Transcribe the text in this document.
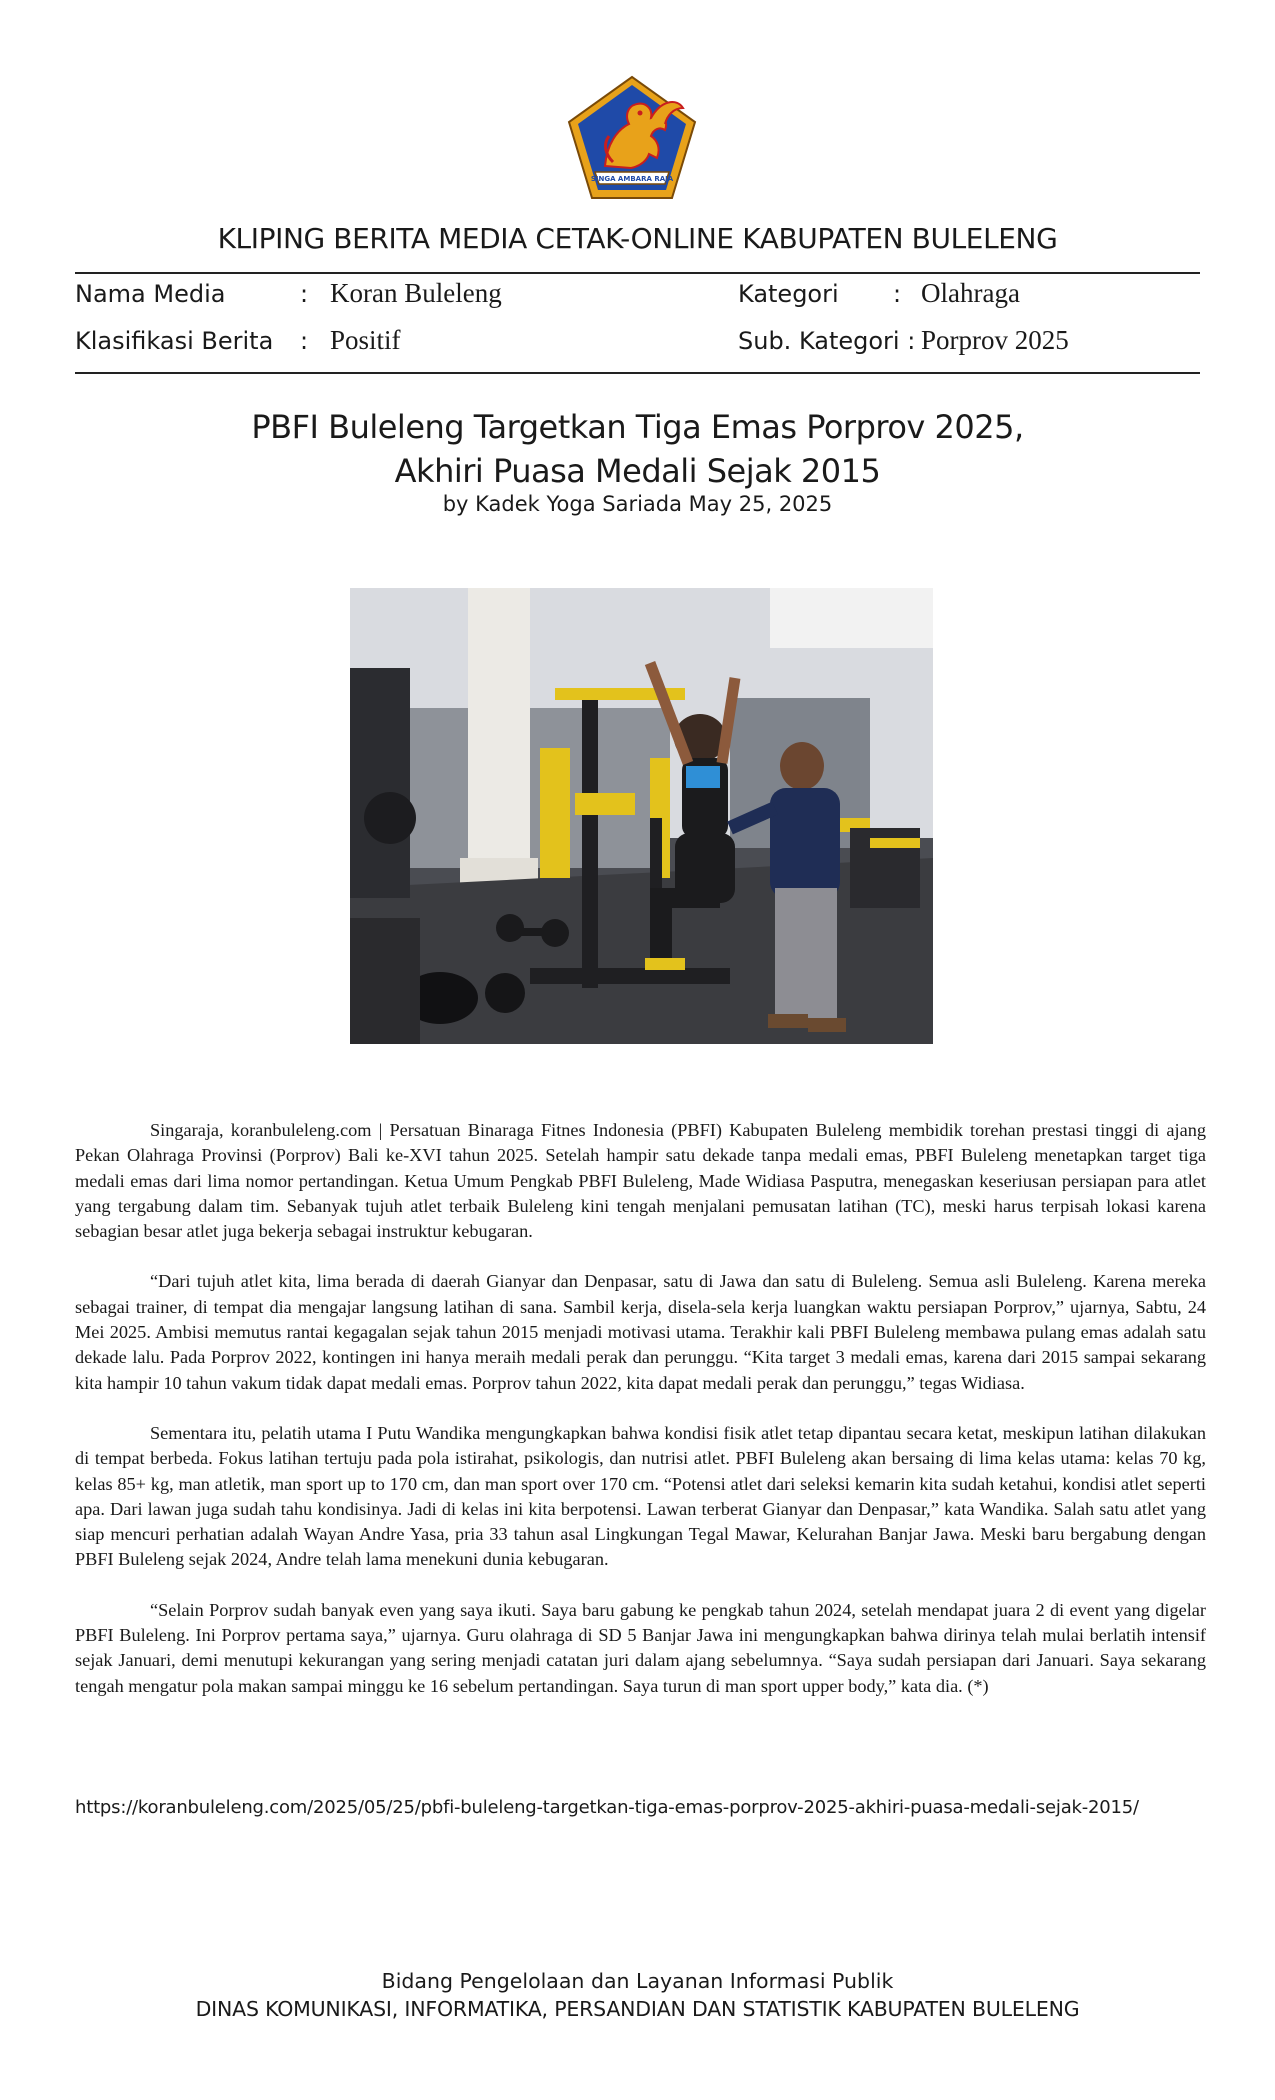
SINGA AMBARA RAJA
KLIPING BERITA MEDIA CETAK-ONLINE KABUPATEN BULELENG
Nama Media	: Koran Buleleng	Kategori : Olahraga
Klasifikasi Berita : Positif	Sub. Kategori : Porprov 2025
PBFI Buleleng Targetkan Tiga Emas Porprov 2025,
Akhiri Puasa Medali Sejak 2015
by Kadek Yoga Sariada May 25, 2025

Singaraja, koranbuleleng.com | Persatuan Binaraga Fitnes Indonesia (PBFI) Kabupaten Buleleng membidik torehan prestasi tinggi di ajang Pekan Olahraga Provinsi (Porprov) Bali ke-XVI tahun 2025. Setelah hampir satu dekade tanpa medali emas, PBFI Buleleng menetapkan target tiga medali emas dari lima nomor pertandingan. Ketua Umum Pengkab PBFI Buleleng, Made Widiasa Pasputra, menegaskan keseriusan persiapan para atlet yang tergabung dalam tim. Sebanyak tujuh atlet terbaik Buleleng kini tengah menjalani pemusatan latihan (TC), meski harus terpisah lokasi karena sebagian besar atlet juga bekerja sebagai instruktur kebugaran.

“Dari tujuh atlet kita, lima berada di daerah Gianyar dan Denpasar, satu di Jawa dan satu di Buleleng. Semua asli Buleleng. Karena mereka sebagai trainer, di tempat dia mengajar langsung latihan di sana. Sambil kerja, disela-sela kerja luangkan waktu persiapan Porprov,” ujarnya, Sabtu, 24 Mei 2025. Ambisi memutus rantai kegagalan sejak tahun 2015 menjadi motivasi utama. Terakhir kali PBFI Buleleng membawa pulang emas adalah satu dekade lalu. Pada Porprov 2022, kontingen ini hanya meraih medali perak dan perunggu. “Kita target 3 medali emas, karena dari 2015 sampai sekarang kita hampir 10 tahun vakum tidak dapat medali emas. Porprov tahun 2022, kita dapat medali perak dan perunggu,” tegas Widiasa.

Sementara itu, pelatih utama I Putu Wandika mengungkapkan bahwa kondisi fisik atlet tetap dipantau secara ketat, meskipun latihan dilakukan di tempat berbeda. Fokus latihan tertuju pada pola istirahat, psikologis, dan nutrisi atlet. PBFI Buleleng akan bersaing di lima kelas utama: kelas 70 kg, kelas 85+ kg, man atletik, man sport up to 170 cm, dan man sport over 170 cm. “Potensi atlet dari seleksi kemarin kita sudah ketahui, kondisi atlet seperti apa. Dari lawan juga sudah tahu kondisinya. Jadi di kelas ini kita berpotensi. Lawan terberat Gianyar dan Denpasar,” kata Wandika. Salah satu atlet yang siap mencuri perhatian adalah Wayan Andre Yasa, pria 33 tahun asal Lingkungan Tegal Mawar, Kelurahan Banjar Jawa. Meski baru bergabung dengan PBFI Buleleng sejak 2024, Andre telah lama menekuni dunia kebugaran.

“Selain Porprov sudah banyak even yang saya ikuti. Saya baru gabung ke pengkab tahun 2024, setelah mendapat juara 2 di event yang digelar PBFI Buleleng. Ini Porprov pertama saya,” ujarnya. Guru olahraga di SD 5 Banjar Jawa ini mengungkapkan bahwa dirinya telah mulai berlatih intensif sejak Januari, demi menutupi kekurangan yang sering menjadi catatan juri dalam ajang sebelumnya. “Saya sudah persiapan dari Januari. Saya sekarang tengah mengatur pola makan sampai minggu ke 16 sebelum pertandingan. Saya turun di man sport upper body,” kata dia. (*)

https://koranbuleleng.com/2025/05/25/pbfi-buleleng-targetkan-tiga-emas-porprov-2025-akhiri-puasa-medali-sejak-2015/
Bidang Pengelolaan dan Layanan Informasi Publik
DINAS KOMUNIKASI, INFORMATIKA, PERSANDIAN DAN STATISTIK KABUPATEN BULELENG
